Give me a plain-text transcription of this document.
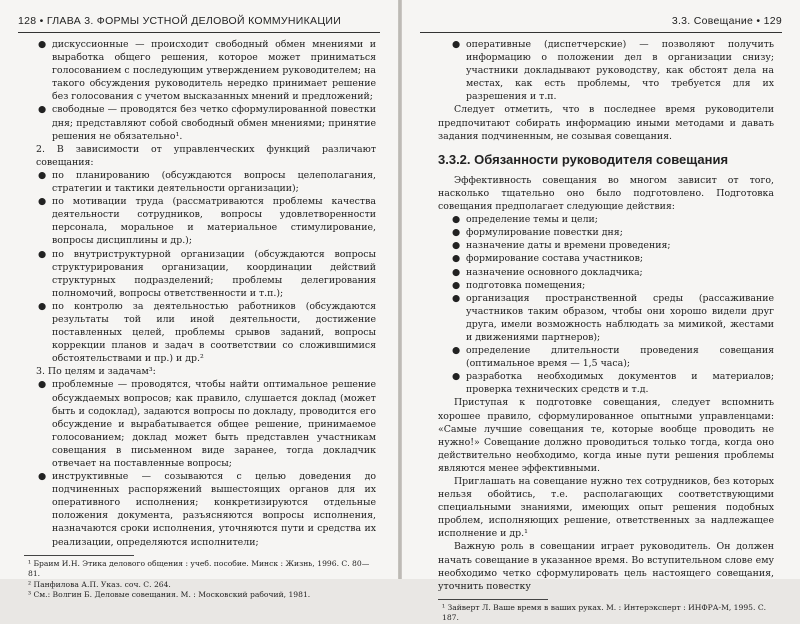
128 • ГЛАВА 3. ФОРМЫ УСТНОЙ ДЕЛОВОЙ КОММУНИКАЦИИ
● дискуссионные — происходит свободный обмен мнениями и выработка общего решения, которое может приниматься голосованием с последующим утверждением руководителем; на такого обсуждения руководитель нередко принимает решение без голосования с учетом высказанных мнений и предложений;
● свободные — проводятся без четко сформулированной повестки дня; представляют собой свободный обмен мнениями; принятие решения не обязательно¹.

2. В зависимости от управленческих функций различают совещания:

● по планированию (обсуждаются вопросы целеполагания, стратегии и тактики деятельности организации);
● по мотивации труда (рассматриваются проблемы качества деятельности сотрудников, вопросы удовлетворенности персонала, моральное и материальное стимулирование, вопросы дисциплины и др.);
● по внутриструктурной организации (обсуждаются вопросы структурирования организации, координации действий структурных подразделений; проблемы делегирования полномочий, вопросы ответственности и т.п.);
● по контролю за деятельностью работников (обсуждаются результаты той или иной деятельности, достижение поставленных целей, проблемы срывов заданий, вопросы коррекции планов и задач в соответствии со сложившимися обстоятельствами и пр.) и др.²

3. По целям и задачам³:

● проблемные — проводятся, чтобы найти оптимальное решение обсуждаемых вопросов; как правило, слушается доклад (может быть и содоклад), задаются вопросы по докладу, проводится его обсуждение и вырабатывается общее решение, принимаемое голосованием; доклад может быть представлен участникам совещания в письменном виде заранее, тогда докладчик отвечает на поставленные вопросы;
● инструктивные — созываются с целью доведения до подчиненных распоряжений вышестоящих органов для их оперативного исполнения; конкретизируются отдельные положения документа, разъясняются вопросы исполнения, назначаются сроки исполнения, уточняются пути и средства их реализации, определяются исполнители;
¹ Браим И.Н. Этика делового общения : учеб. пособие. Минск : Жизнь, 1996. С. 80—81.
² Панфилова А.П. Указ. соч. С. 264.
³ См.: Волгин Б. Деловые совещания. М. : Московский рабочий, 1981.
3.3. Совещание • 129
● оперативные (диспетчерские) — позволяют получить информацию о положении дел в организации снизу; участники докладывают руководству, как обстоят дела на местах, как есть проблемы, что требуется для их разрешения и т.п.

Следует отметить, что в последнее время руководители предпочитают собирать информацию иными методами и давать задания подчиненным, не созывая совещания.

3.3.2. Обязанности руководителя совещания

Эффективность совещания во многом зависит от того, насколько тщательно оно было подготовлено. Подготовка совещания предполагает следующие действия:

● определение темы и цели;
● формулирование повестки дня;
● назначение даты и времени проведения;
● формирование состава участников;
● назначение основного докладчика;
● подготовка помещения;
● организация пространственной среды (рассаживание участников таким образом, чтобы они хорошо видели друг друга, имели возможность наблюдать за мимикой, жестами и движениями партнеров);
● определение длительности проведения совещания (оптимальное время — 1,5 часа);
● разработка необходимых документов и материалов; проверка технических средств и т.д.

Приступая к подготовке совещания, следует вспомнить хорошее правило, сформулированное опытными управленцами: «Самые лучшие совещания те, которые вообще проводить не нужно!» Совещание должно проводиться только тогда, когда оно действительно необходимо, когда иные пути решения проблемы являются менее эффективными.

Приглашать на совещание нужно тех сотрудников, без которых нельзя обойтись, т.е. располагающих соответствующими специальными знаниями, имеющих опыт решения подобных проблем, исполняющих решение, ответственных за надлежащее исполнение и др.¹

Важную роль в совещании играет руководитель. Он должен начать совещание в указанное время. Во вступительном слове ему необходимо четко сформулировать цель настоящего совещания, уточнить повестку

¹ Зайверт Л. Ваше время в ваших руках. М. : Интерэксперт : ИНФРА-М, 1995. С. 187.
